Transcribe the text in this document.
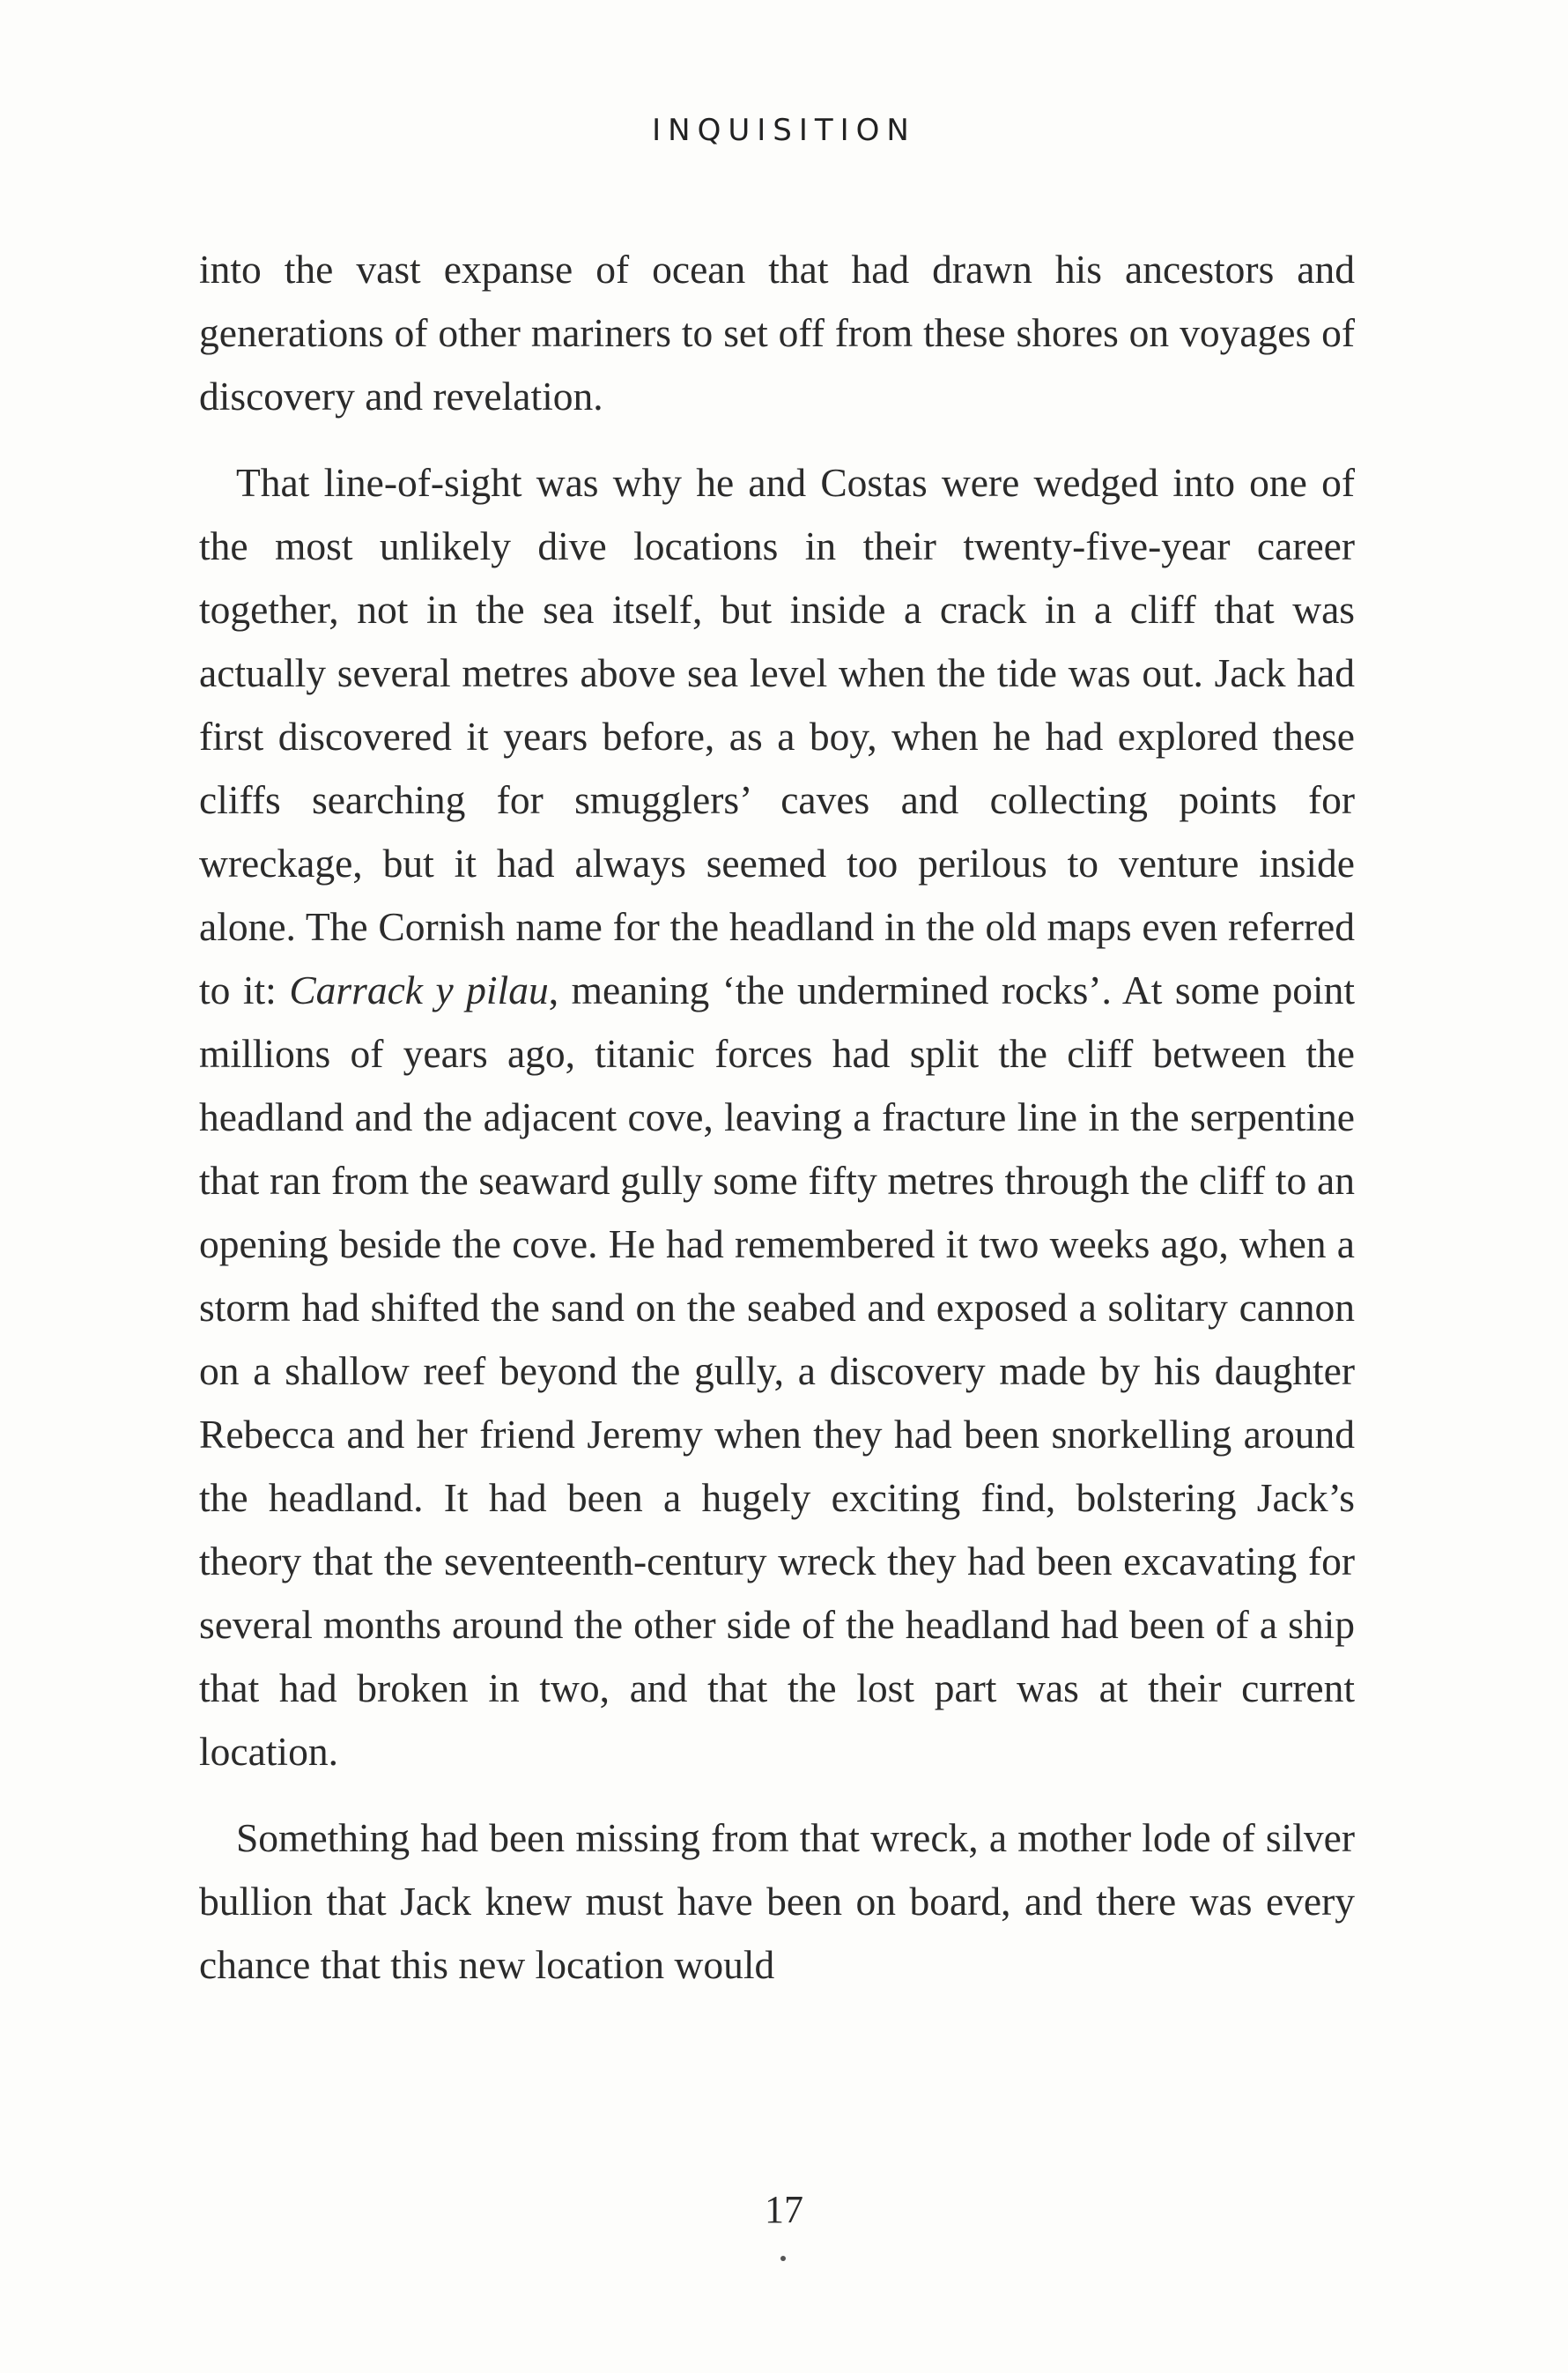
INQUISITION

into the vast expanse of ocean that had drawn his ancestors and generations of other mariners to set off from these shores on voyages of discovery and revelation.

That line-of-sight was why he and Costas were wedged into one of the most unlikely dive locations in their twenty-five-year career together, not in the sea itself, but inside a crack in a cliff that was actually several metres above sea level when the tide was out. Jack had first discovered it years before, as a boy, when he had explored these cliffs searching for smugglers’ caves and collecting points for wreckage, but it had always seemed too perilous to venture inside alone. The Cornish name for the headland in the old maps even referred to it: Carrack y pilau, meaning ‘the undermined rocks’. At some point millions of years ago, titanic forces had split the cliff between the headland and the adjacent cove, leaving a fracture line in the serpentine that ran from the seaward gully some fifty metres through the cliff to an opening beside the cove. He had remembered it two weeks ago, when a storm had shifted the sand on the seabed and exposed a solitary cannon on a shallow reef beyond the gully, a discovery made by his daughter Rebecca and her friend Jeremy when they had been snorkelling around the headland. It had been a hugely exciting find, bolstering Jack’s theory that the seventeenth-century wreck they had been excavating for several months around the other side of the headland had been of a ship that had broken in two, and that the lost part was at their current location.

Something had been missing from that wreck, a mother lode of silver bullion that Jack knew must have been on board, and there was every chance that this new location would

17
